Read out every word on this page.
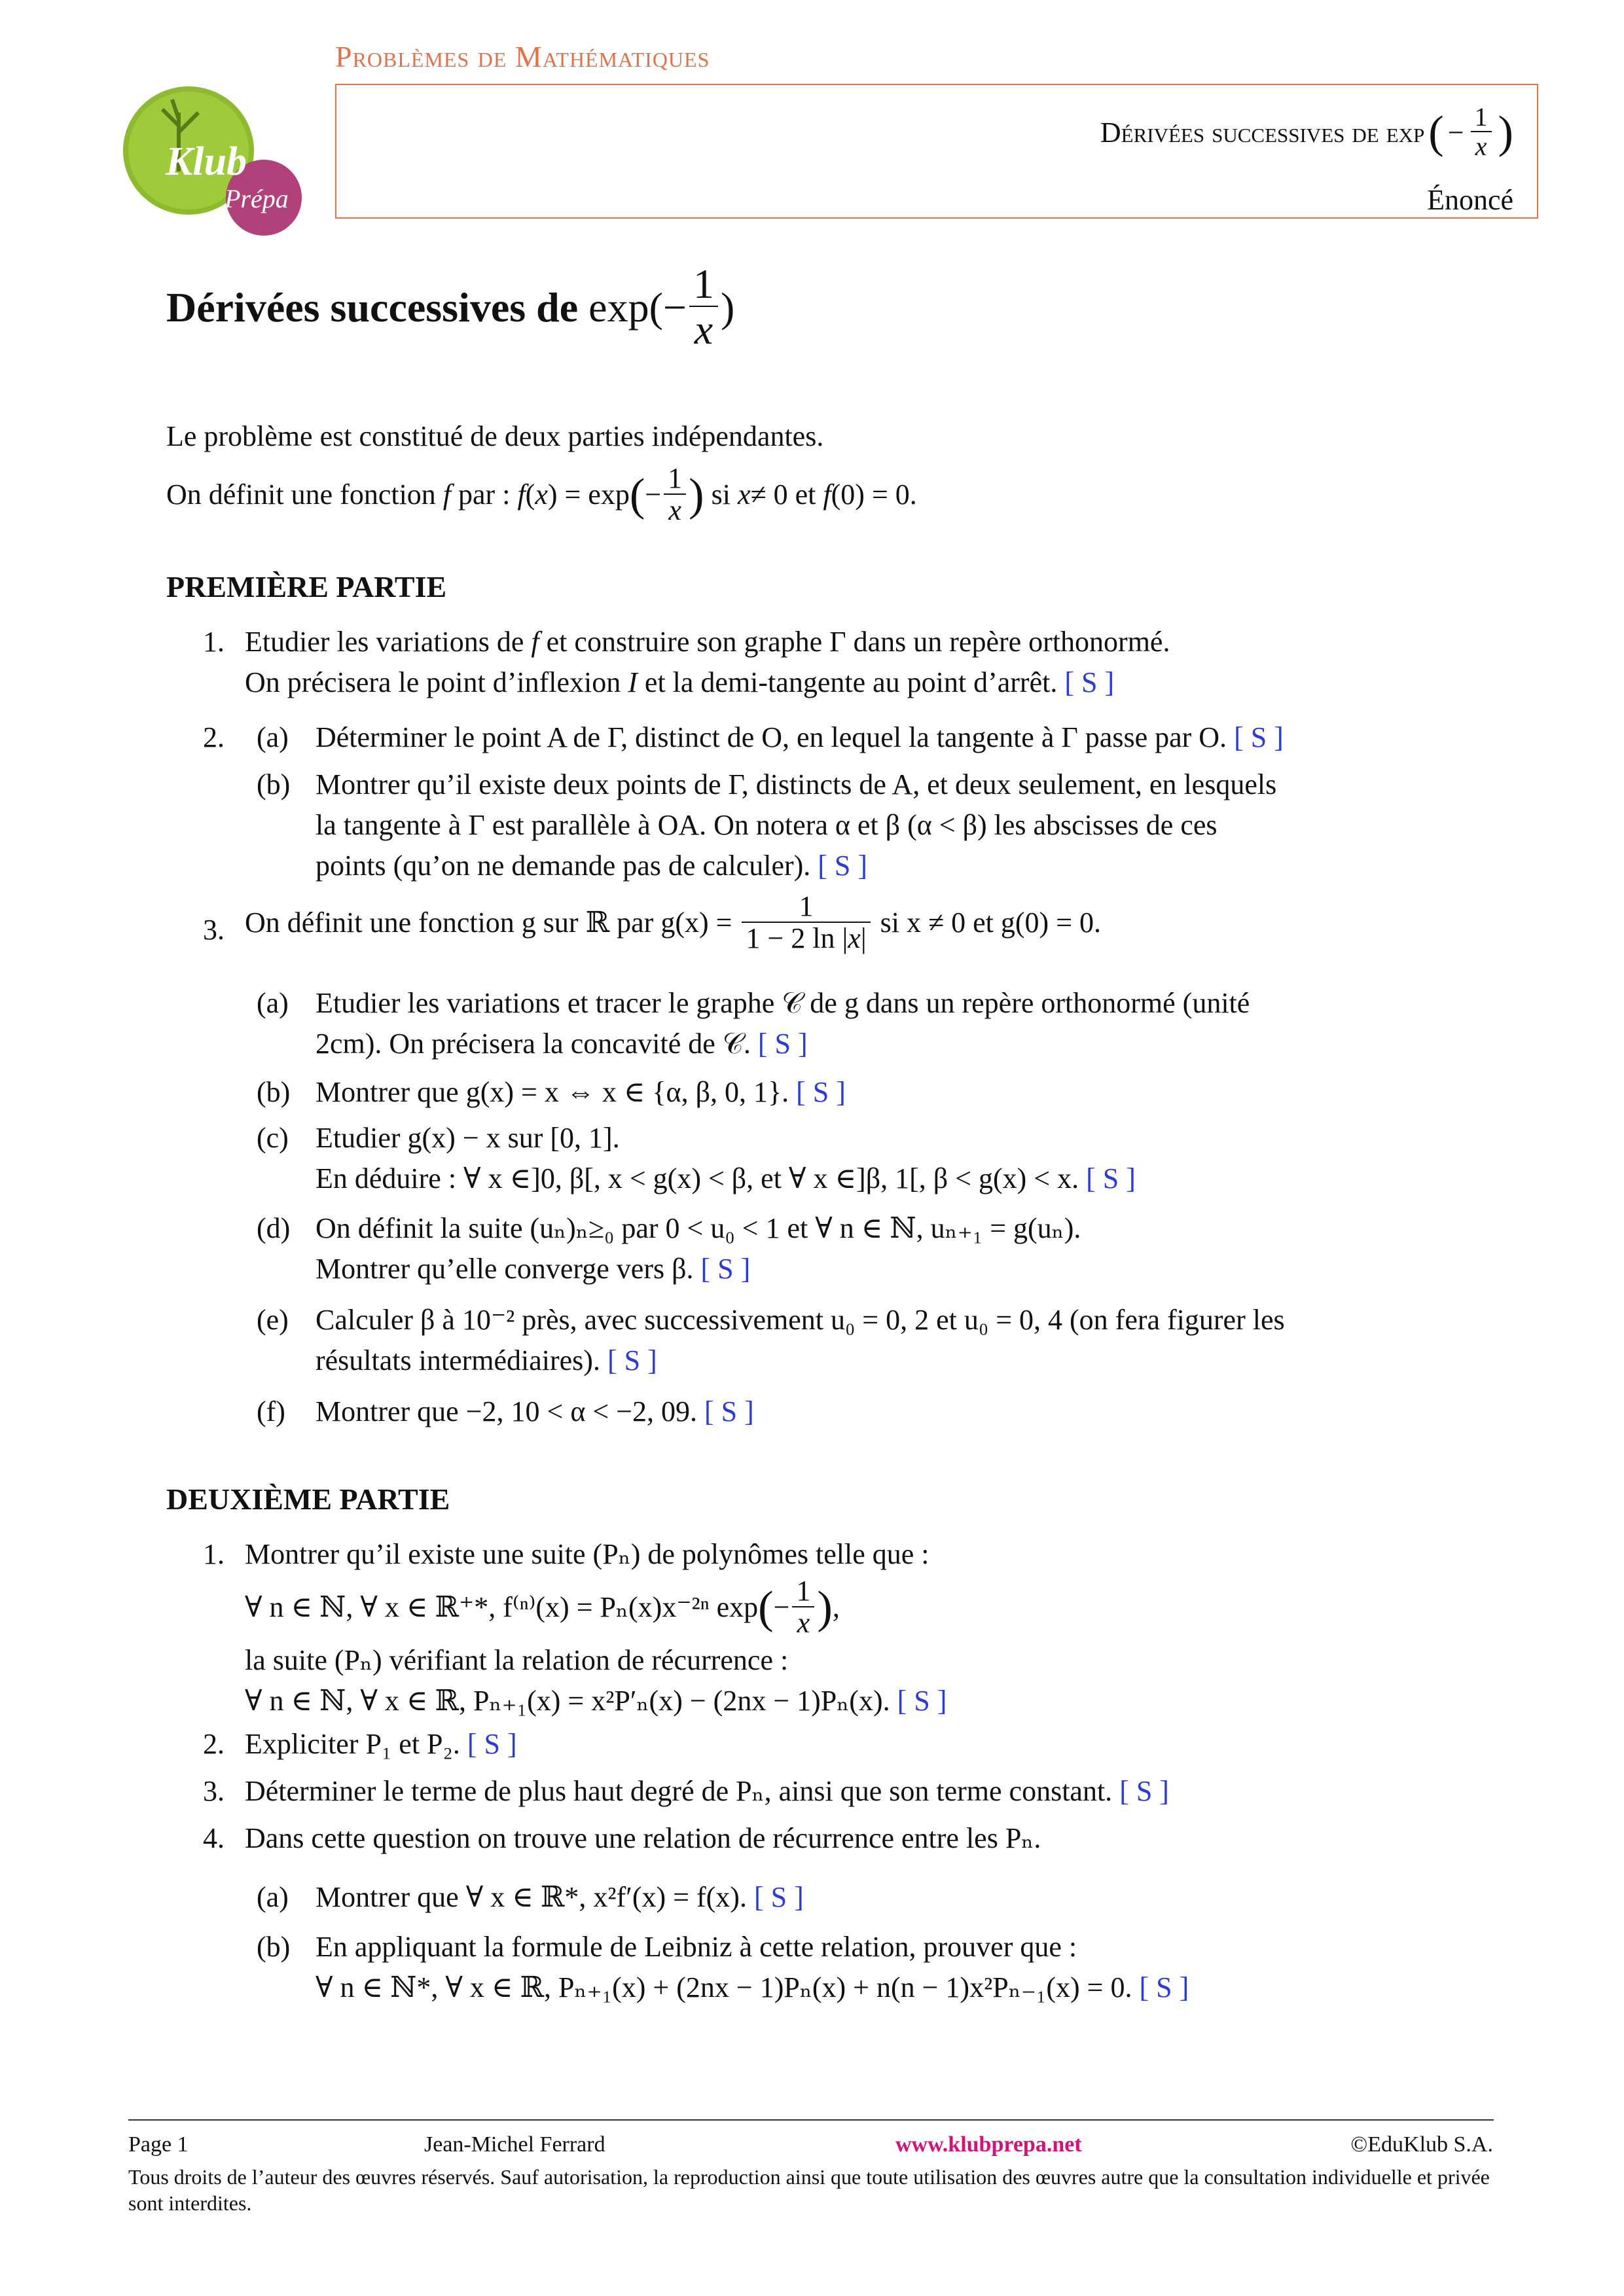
Problèmes de Mathématiques
Dérivées successives de exp ( − $\frac{1}{x}$ )
Énoncé
Klub
Prépa
Dérivées successives de
$\exp(- \frac{1}{x}$ )
Le problème est constitué de deux parties indépendantes.
On définit une fonction
f
par :
f ( x ) = exp ( − $\frac{1}{x}$ )
si
x ≠ 0 et
f (0) = 0.
PREMIÈRE PARTIE
1. Etudier les variations de f et construire son graphe Γ dans un repère orthonormé.
On précisera le point d’inflexion I et la demi-tangente au point d’arrêt. [ S ]
2. (a) Déterminer le point A de Γ, distinct de O, en lequel la tangente à Γ passe par O. [ S ]
(b) Montrer qu’il existe deux points de Γ, distincts de A, et deux seulement, en lesquels
la tangente à Γ est parallèle à OA. On notera α et β (α < β) les abscisses de ces
points (qu’on ne demande pas de calculer). [ S ]
3. On définit une fonction g sur ℝ par g(x) =
$\frac{1}{1 - 2 \ln |x|}$
si x ≠ 0 et g(0) = 0.
(a) Etudier les variations et tracer le graphe 𝒞 de g dans un repère orthonormé (unité
2cm). On précisera la concavité de 𝒞. [ S ]
(b) Montrer que g(x) = x ⇔ x ∈ {α, β, 0, 1}. [ S ]
(c) Etudier g(x) − x sur [0, 1].
En déduire : ∀ x ∈]0, β[, x < g(x) < β, et ∀ x ∈]β, 1[, β < g(x) < x. [ S ]
(d) On définit la suite (uₙ)ₙ≥₀ par 0 < u₀ < 1 et ∀ n ∈ ℕ, uₙ₊₁ = g(uₙ).
Montrer qu’elle converge vers β. [ S ]
(e) Calculer β à 10⁻² près, avec successivement u₀ = 0, 2 et u₀ = 0, 4 (on fera figurer les
résultats intermédiaires). [ S ]
(f) Montrer que −2, 10 < α < −2, 09. [ S ]
DEUXIÈME PARTIE
1. Montrer qu’il existe une suite (Pₙ) de polynômes telle que :
∀ n ∈ ℕ, ∀ x ∈ ℝ⁺*, f⁽ⁿ⁾(x) = Pₙ(x)x⁻²ⁿ exp ( − $\frac{1}{x}$ ) ,
la suite (Pₙ) vérifiant la relation de récurrence :
∀ n ∈ ℕ, ∀ x ∈ ℝ, Pₙ₊₁(x) = x²P′ₙ(x) − (2nx − 1)Pₙ(x). [ S ]
2. Expliciter P₁ et P₂. [ S ]
3. Déterminer le terme de plus haut degré de Pₙ, ainsi que son terme constant. [ S ]
4. Dans cette question on trouve une relation de récurrence entre les Pₙ.
(a) Montrer que ∀ x ∈ ℝ*, x²f′(x) = f(x). [ S ]
(b) En appliquant la formule de Leibniz à cette relation, prouver que :
∀ n ∈ ℕ*, ∀ x ∈ ℝ, Pₙ₊₁(x) + (2nx − 1)Pₙ(x) + n(n − 1)x²Pₙ₋₁(x) = 0. [ S ]
Page 1	Jean-Michel Ferrard	www.klubprepa.net	©EduKlub S.A.
Tous droits de l’auteur des œuvres réservés. Sauf autorisation, la reproduction ainsi que toute utilisation des œuvres autre que la consultation individuelle et privée sont interdites.
